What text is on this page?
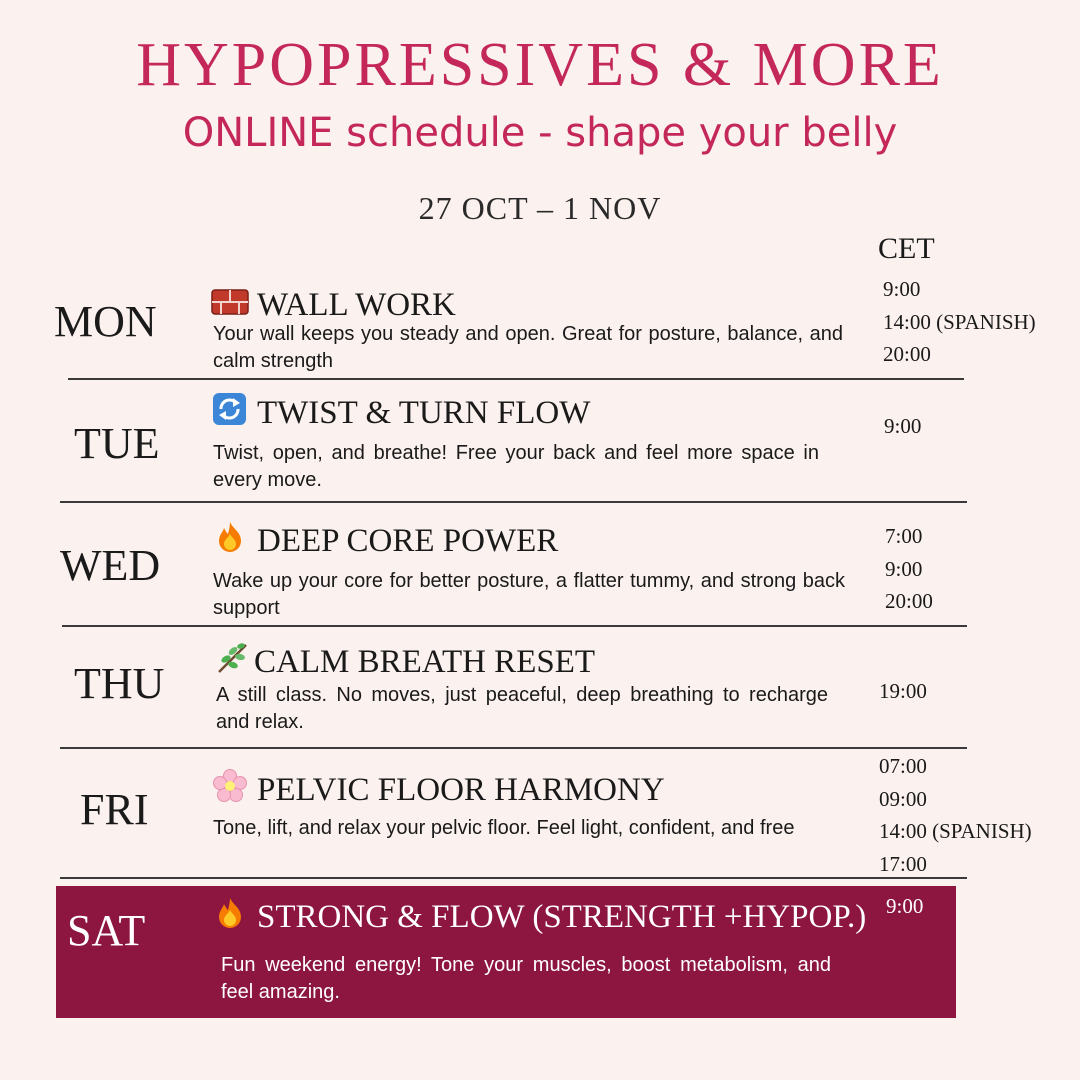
HYPOPRESSIVES & MORE
ONLINE schedule - shape your belly
27 OCT – 1 NOV
CET
MON	WALL WORK
Your wall keeps you steady and open. Great for posture, balance, and calm strength
9:00
14:00 (SPANISH)
20:00
TUE
TWIST & TURN FLOW
Twist, open, and breathe! Free your back and feel more space in every move.
9:00
WED	DEEP CORE POWER
Wake up your core for better posture, a flatter tummy, and strong back support
7:00
9:00
20:00
THU	CALM BREATH RESET
A still class. No moves, just peaceful, deep breathing to recharge and relax.
19:00
FRI	PELVIC FLOOR HARMONY
Tone, lift, and relax your pelvic floor. Feel light, confident, and free
07:00
09:00
14:00 (SPANISH)
17:00
SAT	STRONG & FLOW (STRENGTH +HYPOP.)
Fun weekend energy! Tone your muscles, boost metabolism, and feel amazing.
9:00
